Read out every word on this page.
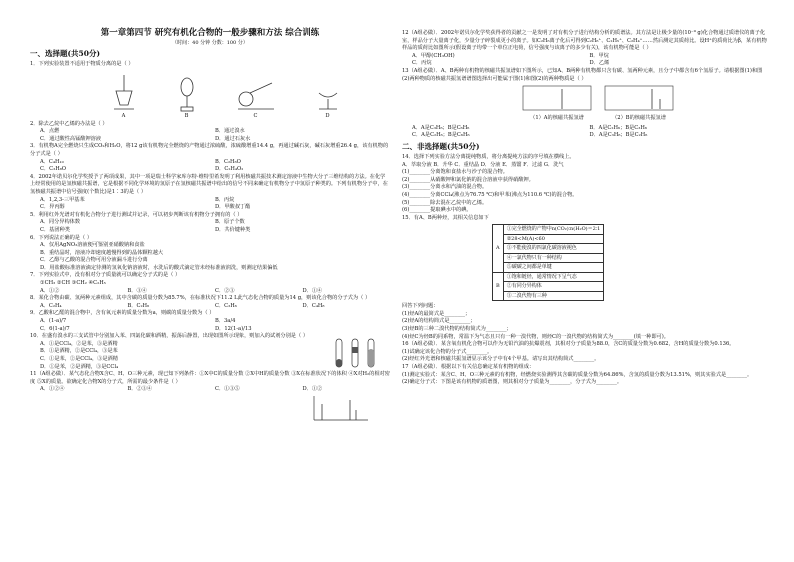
第一章第四节 研究有机化合物的一般步骤和方法 综合训练
（时间：40 分钟 分数：100 分）
一、选择题(共50分)
1．下列实验装置不适用于物质分离的是（ ）
A	B	C	D
2．除去乙烷中乙烯的办法是（ ）
A．点燃	B．通过溴水
C．通过酸性高锰酸钾溶液	D．通过石灰水
3．有机物A完全燃烧只生成CO₂和H₂O，将12 g该有机物完全燃烧的产物通过浓硫酸，浓硫酸增重14.4 g，再通过碱石灰，碱石灰增重26.4 g，该有机物的分子式是（ ）
A．C₄H₁₀	B．C₂H₆O
C．C₃H₈O	D．C₂H₄O₂
4．2002年诺贝尔化学奖授予了两项成果，其中一项是瑞士科学家库尔特·维特里希发明了利用核磁共振技术测定溶液中生物大分子三维结构的方法。在化学上经常使用的是氢核磁共振谱，它是根据不同化学环境的氢原子在氢核磁共振谱中给出的信号不同来确定有机物分子中氢原子种类的。下列有机物分子中，在氢核磁共振谱中信号强度(个数比)是1∶3的是（ ）
A．1,2,3-三甲基苯	B．丙烷
C．异丙醇	D．甲酸叔丁酯
5．利用红外光谱对有机化合物分子进行测试并记录，可以初步判断该有机物分子拥有的（ ）
A．同分异构体数	B．原子个数
C．基团种类	D．共价键种类
6．下列说法正确的是（ ）
A．仅用AgNO₃溶液便可鉴别亚硝酸钠和食盐
B．重结晶时，溶液冷却速度越慢得到的晶体颗粒越大
C．乙醇与乙酸的混合物可用分液漏斗进行分离
D．用盐酸标准溶液滴定待测的氢氧化钠溶液时，水洗后的酸式滴定管未经标准液润洗，则测定结果偏低
7．下列实验式中，没有相对分子质量就可以确定分子式的是（ ）
①CH₃ ②CH ③CH₂ ④C₂H₅
A．①②	B．③④	C．②③	D．①④
8．某化合物由碳、氢两种元素组成，其中含碳的质量分数为85.7%，在标准状况下11.2 L此气态化合物的质量为14 g，则该化合物的分子式为（ ）
A．C₂H₄	B．C₂H₆	C．C₃H₆	D．C₄H₈
9．乙酸和乙醛的混合物中，含有氧元素的质量分数为a，则碳的质量分数为（ ）
A．(1-a)/7	B．3a/4
C．6(1-a)/7	D．12(1-a)/13
10．在盛有溴水的三支试管中分别加入苯、四氯化碳和酒精，振荡后静置，出现如图所示现象，则加入的试剂分别是（ ）
A．①是CCl₄，②是苯，③是酒精
B．①是酒精，②是CCl₄，③是苯
C．①是苯，②是CCl₄，③是酒精
D．①是苯，②是酒精，③是CCl₄
11（A组必做）．某气态化合物X含C、H、O三种元素，现已知下列条件：①X中C的质量分数 ②X中H的质量分数 ③X在标准状况下的体积 ④X对H₂的相对密度 ⑤X的质量。欲确定化合物X的分子式，所需的最少条件是（ ）
A．①②④	B．②③④	C．①③⑤	D．①②
12（A组必做）．2002年诺贝尔化学奖获得者的贡献之一是发明了对有机分子进行结构分析的质谱法。其方法是让极少量的(10⁻⁹ g)化合物通过质谱仪的离子化室，样品分子大量离子化，少量分子碎裂成更小的离子。如C₂H₆离子化后可得到C₂H₆⁺、C₂H₅⁺、C₂H₄⁺……然后测定其质荷比。设H⁺的质荷比为β，某有机物样品的质荷比如图所示(假设离子均带一个单位正电荷，信号强度与该离子的多少有关)，该有机物可能是（ ）
A．甲醇(CH₃OH)	B．甲烷
C．丙烷	D．乙烯
13（A组必做）．A、B两种有机物的核磁共振氢谱如下图所示，已知A、B两种有机物都只含有碳、氢两种元素，且分子中都含有6个氢原子。请根据图(1)和图(2)两种物质的核磁共振氢谱谱图选择出可能属于图(1)和图(2)的两种物质是（ ）
（1）A的核磁共振氢谱	（2）B的核磁共振氢谱
A．A是C₃H₆；B是C₆H₆	B．A是C₂H₆；B是C₃H₆
C．A是C₂H₆；B是C₆H₆	D．A是C₃H₆；B是C₂H₆
二、非选择题(共50分)
14．选择下列实验方法分离提纯物质，将分离提纯方法的序号填在横线上。
A．萃取分液 B．升华 C．重结晶 D．分液 E．蒸馏 F．过滤 G．洗气
(1)________分离饱和食盐水与沙子的混合物。
(2)________从硝酸钾和氯化钠的混合溶液中获得硝酸钾。
(3)________分离水和汽油的混合物。
(4)________分离CCl₄(沸点为76.75 ℃)和甲苯(沸点为110.6 ℃)的混合物。
(5)________除去混在乙烷中的乙烯。
(6)________提取碘水中的碘。
15．有A、B两种烃，其相关信息如下
A	①完全燃烧的产物中n(CO₂)∶n(H₂O)＝2∶1
	②28<M(A)<60
	③不能使溴的四氯化碳溶液褪色
	④一氯代物只有一种结构
	⑤碳碳之间都是单键
B	①饱和链烃，通常情况下呈气态
	②有同分异构体
	③二溴代物有三种
回答下列问题：
(1)烃A的最简式是________；
(2)烃A的结构简式是________；
(3)烃B的三种二溴代物的结构简式为________；
(4)烃C为烃B的同系物，常温下为气态且只有一种一溴代物，则烃C的一溴代物的结构简式为________(填一种即可)。
16（A组必做）．某含氧有机化合物可以作为无铅汽油的抗爆震剂，其相对分子质量为88.0，含C的质量分数为0.682，含H的质量分数为0.136。
(1)试确定该化合物的分子式________。
(2)经红外光谱和核磁共振氢谱显示该分子中有4个甲基。请写出其结构简式________。
17（A组必做）．根据以下有关信息确定某有机物的组成：
(1)测定实验式：某含C、H、O三种元素的有机物，经燃烧实验测得其含碳的质量分数为64.86%，含氢的质量分数为13.51%，则其实验式是________。
(2)确定分子式：下图是该有机物的质谱图，则其相对分子质量为________，分子式为________。
